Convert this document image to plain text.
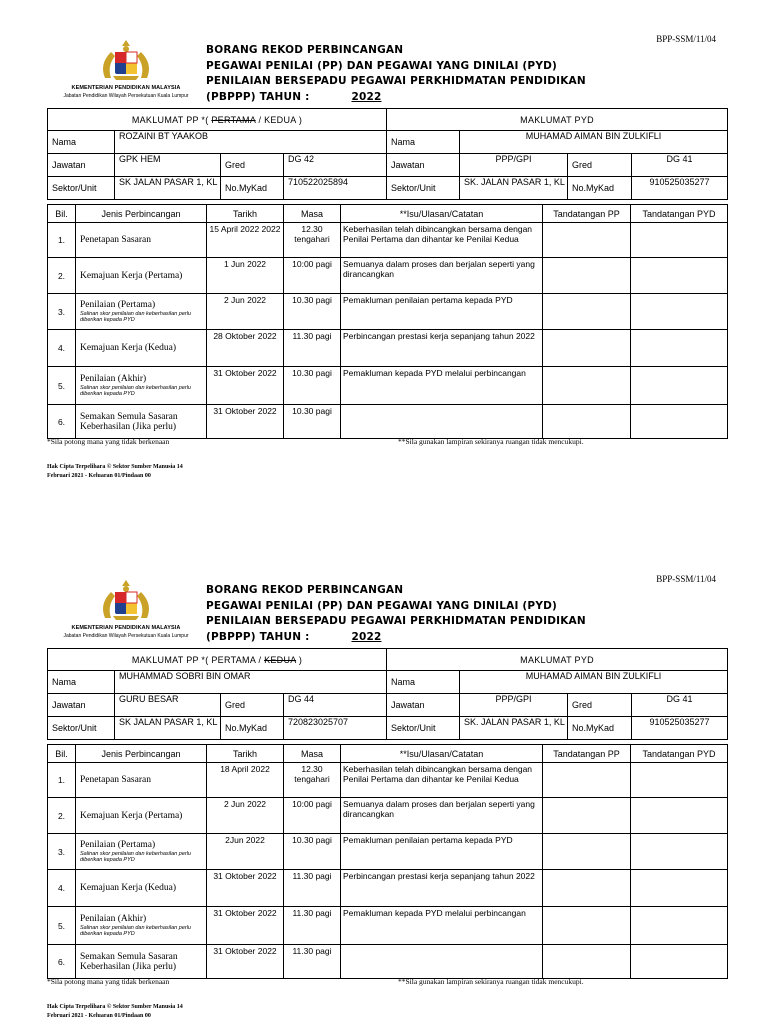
BPP-SSM/11/04
KEMENTERIAN PENDIDIKAN MALAYSIA
Jabatan Pendidikan Wilayah Persekutuan Kuala Lumpur
BORANG REKOD PERBINCANGAN
PEGAWAI PENILAI (PP) DAN PEGAWAI YANG DINILAI (PYD)
PENILAIAN BERSEPADU PEGAWAI PERKHIDMATAN PENDIDIKAN
(PBPPP) TAHUN :	2022
MAKLUMAT PP *( PERTAMA / KEDUA )				MAKLUMAT PYD			
Nama	ROZAINI BT YAAKOB			Nama	MUHAMAD AIMAN BIN ZULKIFLI		
Jawatan	GPK HEM	Gred	DG 42	Jawatan	PPP/GPI	Gred	DG 41
Sektor/Unit	SK JALAN PASAR 1, KL	No.MyKad	710522025894	Sektor/Unit	SK. JALAN PASAR 1, KL	No.MyKad	910525035277
Bil.	Jenis Perbincangan	Tarikh	Masa	**Isu/Ulasan/Catatan	Tandatangan PP	Tandatangan PYD
1.	Penetapan Sasaran	15 April 2022 2022	12.30 tengahari	Keberhasilan telah dibincangkan bersama dengan Penilai Pertama dan dihantar ke Penilai Kedua		
2.	Kemajuan Kerja (Pertama)	1 Jun 2022	10:00 pagi	Semuanya dalam proses dan berjalan seperti yang dirancangkan		
3.	Penilaian (Pertama)
Salinan skor penilaian dan keberhasilan perlu diberikan kepada PYD	2 Jun 2022	10.30 pagi	Pemakluman penilaian pertama kepada PYD		
4.	Kemajuan Kerja (Kedua)	28 Oktober 2022	11.30 pagi	Perbincangan prestasi kerja sepanjang tahun 2022		
5.	Penilaian (Akhir)
Salinan skor penilaian dan keberhasilan perlu diberikan kepada PYD	31 Oktober 2022	10.30 pagi	Pemakluman kepada PYD melalui perbincangan		
6.	Semakan Semula Sasaran Keberhasilan (Jika perlu)	31 Oktober 2022	10.30 pagi			
*Sila potong mana yang tidak berkenaan	**Sila gunakan lampiran sekiranya ruangan tidak mencukupi.
Hak Cipta Terpelihara © Sektor Sumber Manusia 14
Februari 2021 - Keluaran 01/Pindaan 00
BPP-SSM/11/04
KEMENTERIAN PENDIDIKAN MALAYSIA
Jabatan Pendidikan Wilayah Persekutuan Kuala Lumpur
BORANG REKOD PERBINCANGAN
PEGAWAI PENILAI (PP) DAN PEGAWAI YANG DINILAI (PYD)
PENILAIAN BERSEPADU PEGAWAI PERKHIDMATAN PENDIDIKAN
(PBPPP) TAHUN :	2022
MAKLUMAT PP *( PERTAMA / KEDUA )				MAKLUMAT PYD			
Nama	MUHAMMAD SOBRI BIN OMAR			Nama	MUHAMAD AIMAN BIN ZULKIFLI		
Jawatan	GURU BESAR	Gred	DG 44	Jawatan	PPP/GPI	Gred	DG 41
Sektor/Unit	SK JALAN PASAR 1, KL	No.MyKad	720823025707	Sektor/Unit	SK. JALAN PASAR 1, KL	No.MyKad	910525035277
Bil.	Jenis Perbincangan	Tarikh	Masa	**Isu/Ulasan/Catatan	Tandatangan PP	Tandatangan PYD
1.	Penetapan Sasaran	18 April 2022	12.30 tengahari	Keberhasilan telah dibincangkan bersama dengan Penilai Pertama dan dihantar ke Penilai Kedua		
2.	Kemajuan Kerja (Pertama)	2 Jun 2022	10:00 pagi	Semuanya dalam proses dan berjalan seperti yang dirancangkan		
3.	Penilaian (Pertama)
Salinan skor penilaian dan keberhasilan perlu diberikan kepada PYD	2Jun 2022	10.30 pagi	Pemakluman penilaian pertama kepada PYD		
4.	Kemajuan Kerja (Kedua)	31 Oktober 2022	11.30 pagi	Perbincangan prestasi kerja sepanjang tahun 2022		
5.	Penilaian (Akhir)
Salinan skor penilaian dan keberhasilan perlu diberikan kepada PYD	31 Oktober 2022	11.30 pagi	Pemakluman kepada PYD melalui perbincangan		
6.	Semakan Semula Sasaran Keberhasilan (Jika perlu)	31 Oktober 2022	11.30 pagi			
*Sila potong mana yang tidak berkenaan	**Sila gunakan lampiran sekiranya ruangan tidak mencukupi.
Hak Cipta Terpelihara © Sektor Sumber Manusia 14
Februari 2021 - Keluaran 01/Pindaan 00
